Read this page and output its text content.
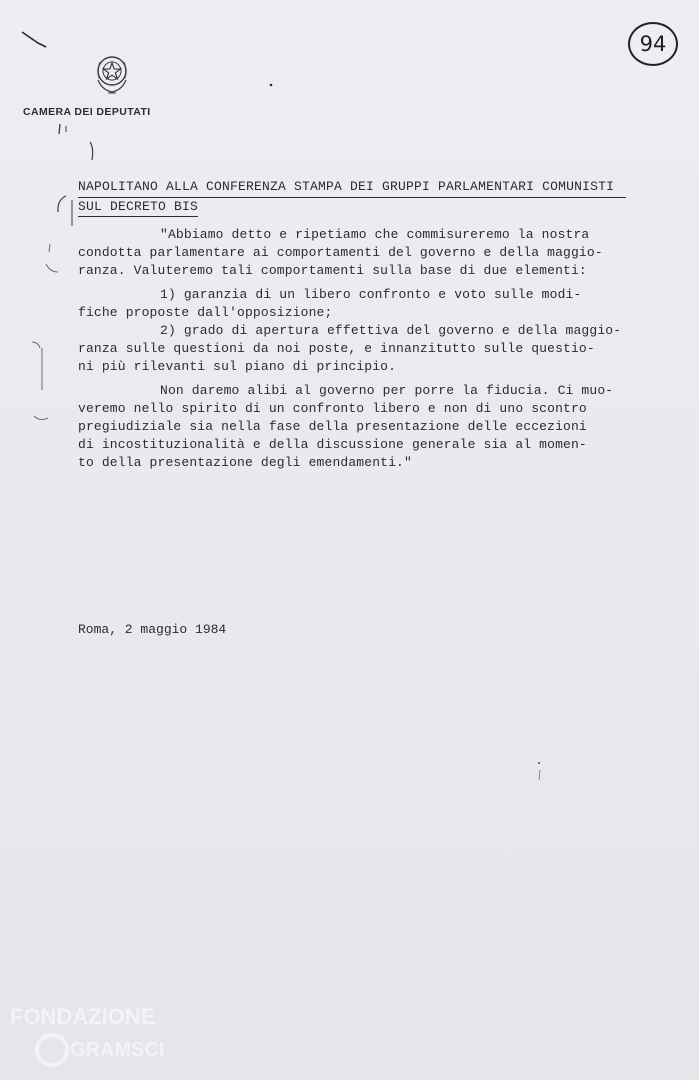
CAMERA DEI DEPUTATI
94
NAPOLITANO ALLA CONFERENZA STAMPA DEI GRUPPI PARLAMENTARI COMUNISTI
SUL DECRETO BIS
"Abbiamo detto e ripetiamo che commisureremo la nostra
condotta parlamentare ai comportamenti del governo e della maggio-
ranza. Valuteremo tali comportamenti sulla base di due elementi:
1) garanzia di un libero confronto e voto sulle modi-
fiche proposte dall'opposizione;
2) grado di apertura effettiva del governo e della maggio-
ranza sulle questioni da noi poste, e innanzitutto sulle questio-
ni più rilevanti sul piano di principio.
Non daremo alibi al governo per porre la fiducia. Ci muo-
veremo nello spirito di un confronto libero e non di uno scontro
pregiudiziale sia nella fase della presentazione delle eccezioni
di incostituzionalità e della discussione generale sia al momen-
to della presentazione degli emendamenti."
Roma, 2 maggio 1984
FONDAZIONE
GRAMSCI
